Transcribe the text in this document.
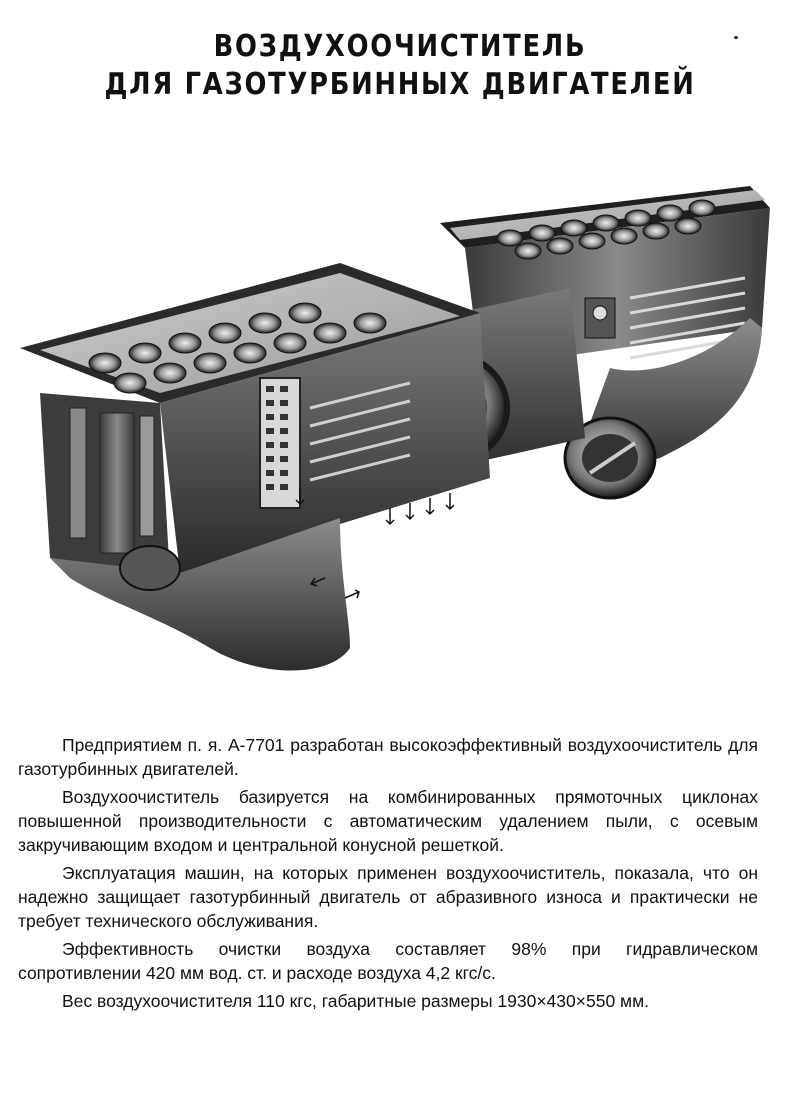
ВОЗДУХООЧИСТИТЕЛЬ
ДЛЯ ГАЗОТУРБИННЫХ ДВИГАТЕЛЕЙ

Предприятием п. я. А-7701 разработан высокоэффективный воздухоочиститель для газотурбинных двигателей.

Воздухоочиститель базируется на комбинированных прямоточных циклонах повышенной производительности с автоматическим удалением пыли, с осевым закручивающим входом и центральной конусной решеткой.

Эксплуатация машин, на которых применен воздухоочиститель, показала, что он надежно защищает газотурбинный двигатель от абразивного износа и практически не требует технического обслуживания.

Эффективность очистки воздуха составляет 98% при гидравлическом сопротивлении 420 мм вод. ст. и расходе воздуха 4,2 кгс/с.

Вес воздухоочистителя 110 кгс, габаритные размеры 1930×430×550 мм.
